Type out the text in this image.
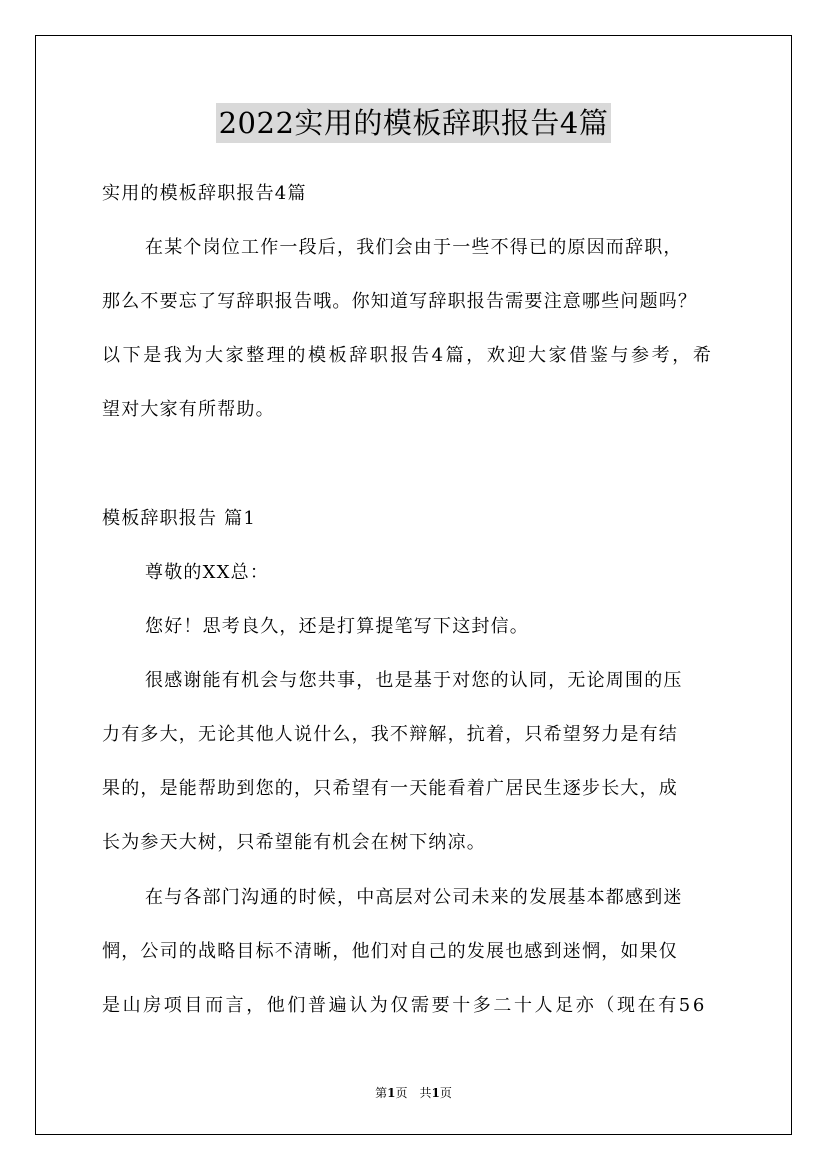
2022实用的模板辞职报告4篇
实用的模板辞职报告4篇
在某个岗位工作一段后，我们会由于一些不得已的原因而辞职，
那么不要忘了写辞职报告哦。你知道写辞职报告需要注意哪些问题吗？
以下是我为大家整理的模板辞职报告4篇，欢迎大家借鉴与参考，希
望对大家有所帮助。
模板辞职报告 篇1
尊敬的XX总：
您好！思考良久，还是打算提笔写下这封信。
很感谢能有机会与您共事，也是基于对您的认同，无论周围的压
力有多大，无论其他人说什么，我不辩解，抗着，只希望努力是有结
果的，是能帮助到您的，只希望有一天能看着广居民生逐步长大，成
长为参天大树，只希望能有机会在树下纳凉。
在与各部门沟通的时候，中高层对公司未来的发展基本都感到迷
惘，公司的战略目标不清晰，他们对自己的发展也感到迷惘，如果仅
是山房项目而言，他们普遍认为仅需要十多二十人足亦（现在有56
第1页　共1页
